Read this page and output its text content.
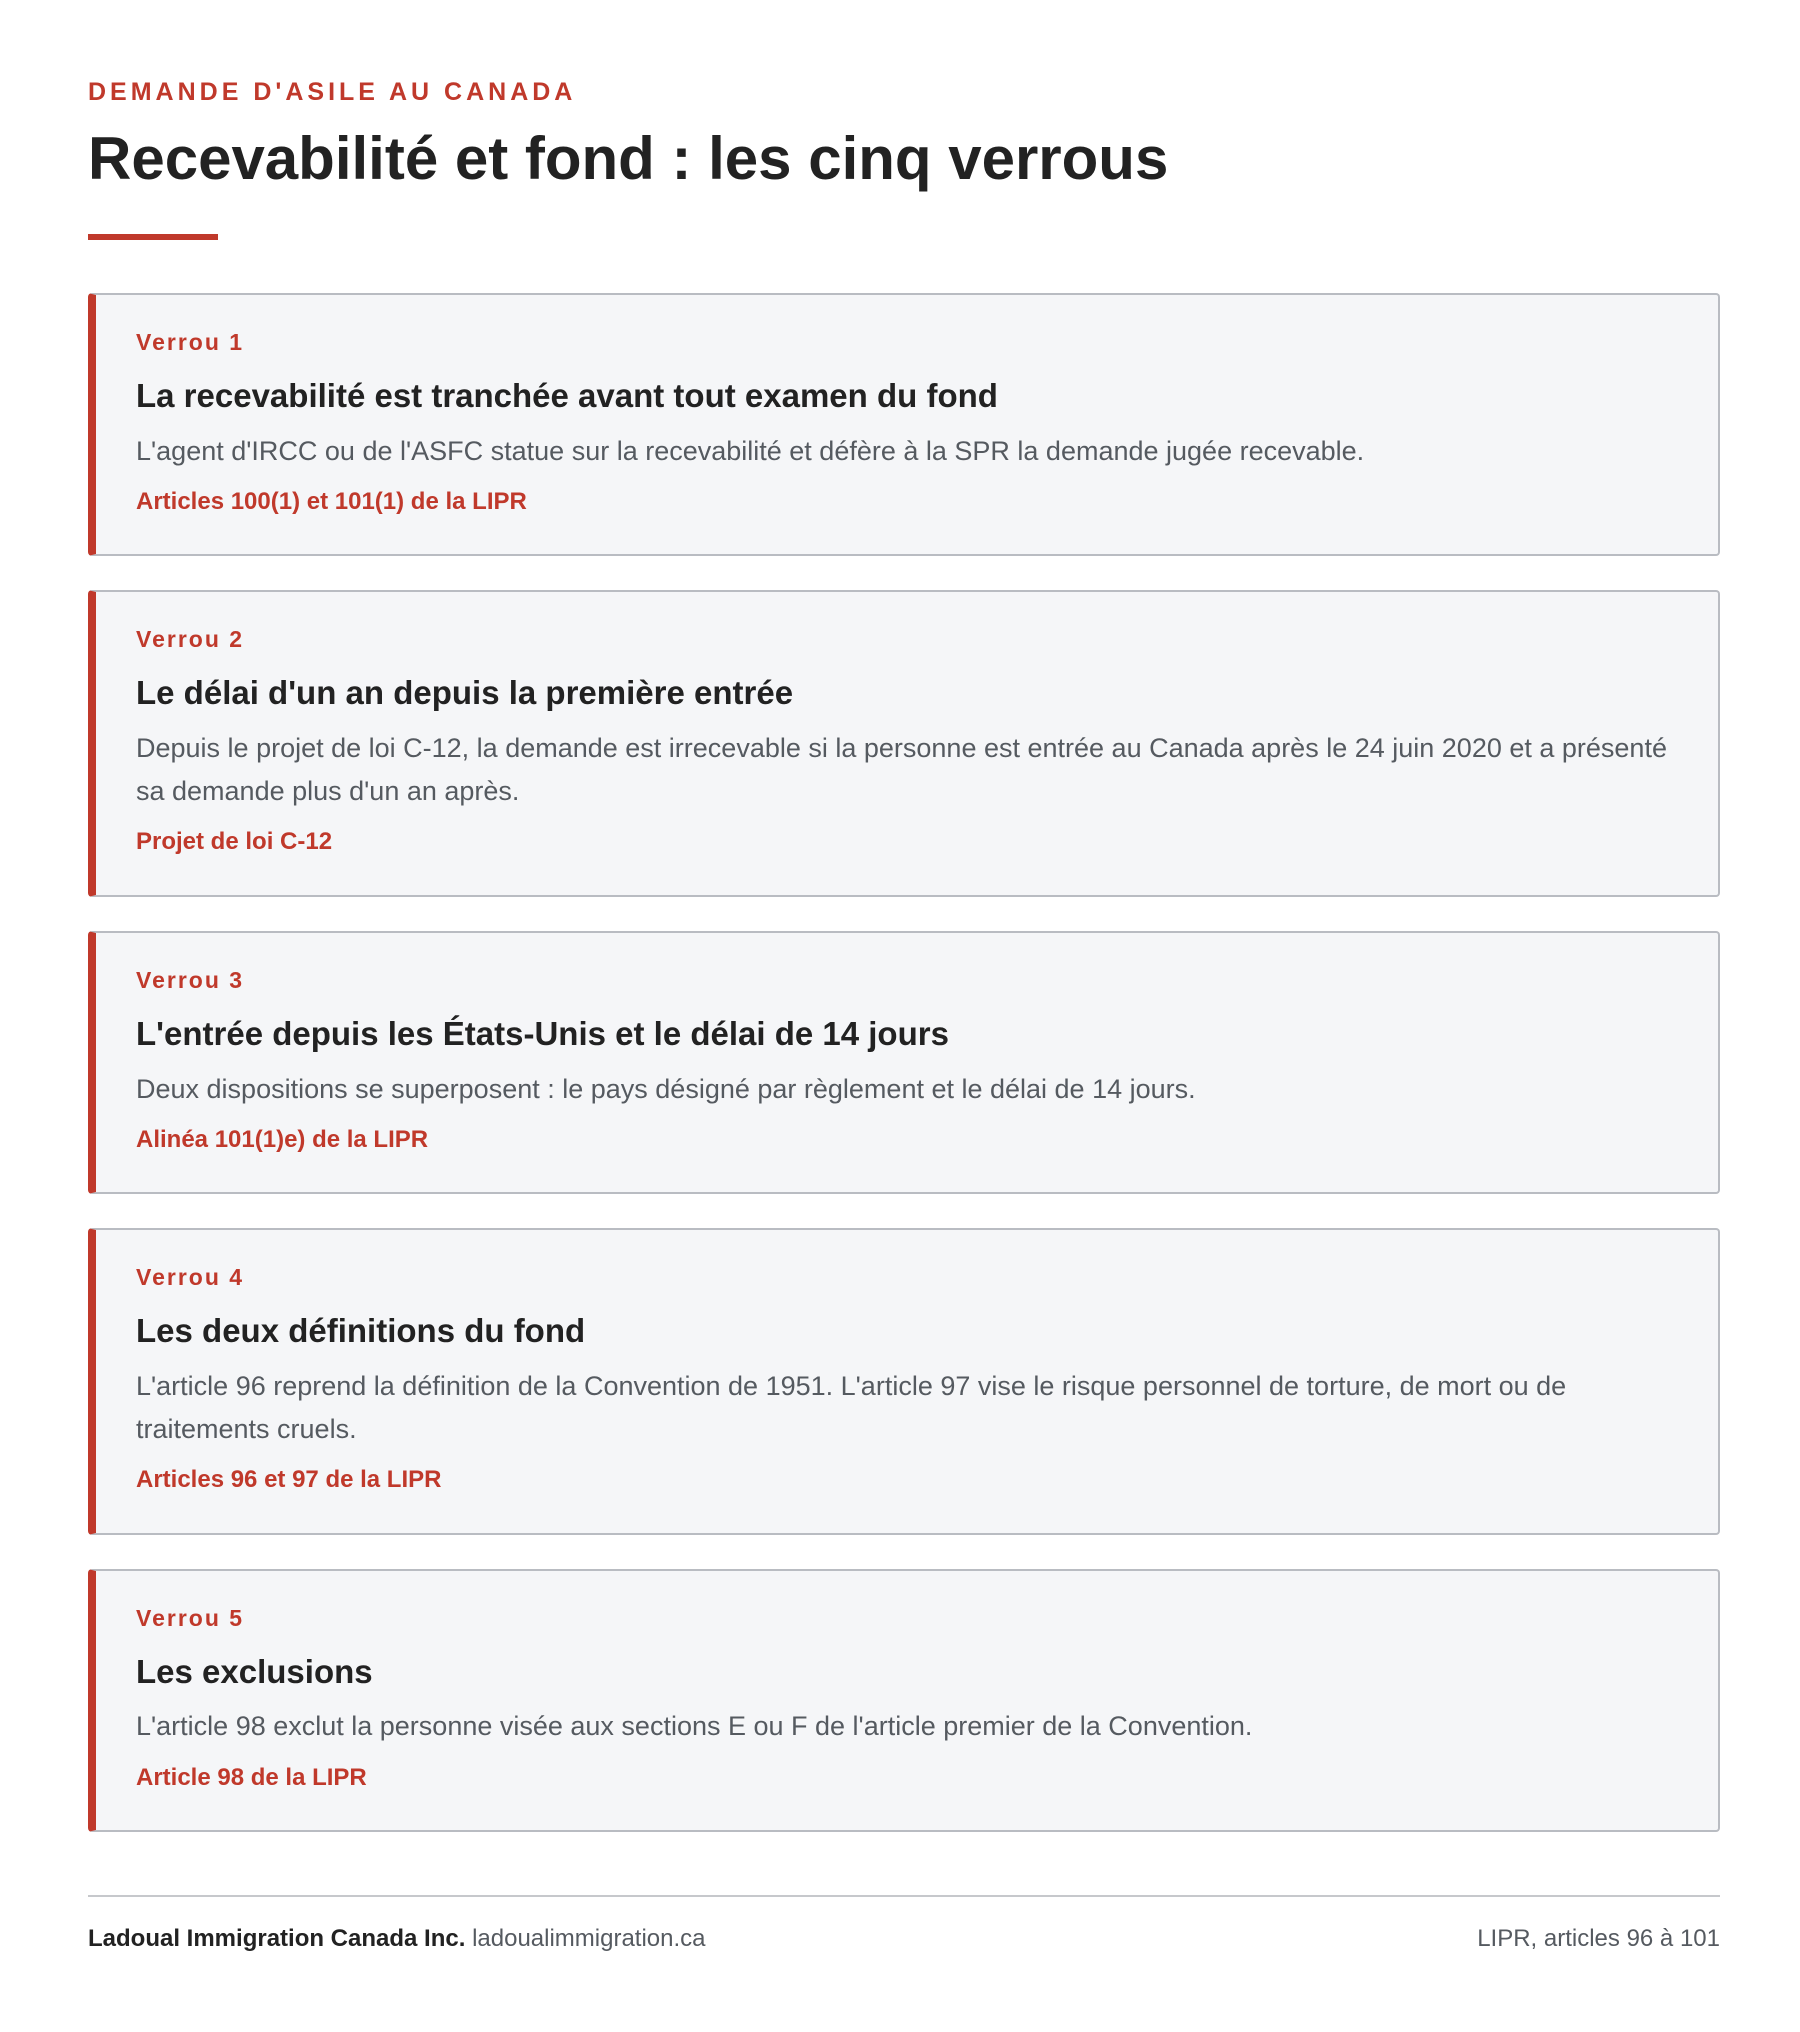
DEMANDE D'ASILE AU CANADA
Recevabilité et fond : les cinq verrous
Verrou 1
La recevabilité est tranchée avant tout examen du fond
L'agent d'IRCC ou de l'ASFC statue sur la recevabilité et défère à la SPR la demande jugée recevable.
Articles 100(1) et 101(1) de la LIPR
Verrou 2
Le délai d'un an depuis la première entrée
Depuis le projet de loi C-12, la demande est irrecevable si la personne est entrée au Canada après le 24 juin 2020 et a présenté sa demande plus d'un an après.
Projet de loi C-12
Verrou 3
L'entrée depuis les États-Unis et le délai de 14 jours
Deux dispositions se superposent : le pays désigné par règlement et le délai de 14 jours.
Alinéa 101(1)e) de la LIPR
Verrou 4
Les deux définitions du fond
L'article 96 reprend la définition de la Convention de 1951. L'article 97 vise le risque personnel de torture, de mort ou de traitements cruels.
Articles 96 et 97 de la LIPR
Verrou 5
Les exclusions
L'article 98 exclut la personne visée aux sections E ou F de l'article premier de la Convention.
Article 98 de la LIPR
Ladoual Immigration Canada Inc. ladoualimmigration.ca	LIPR, articles 96 à 101
